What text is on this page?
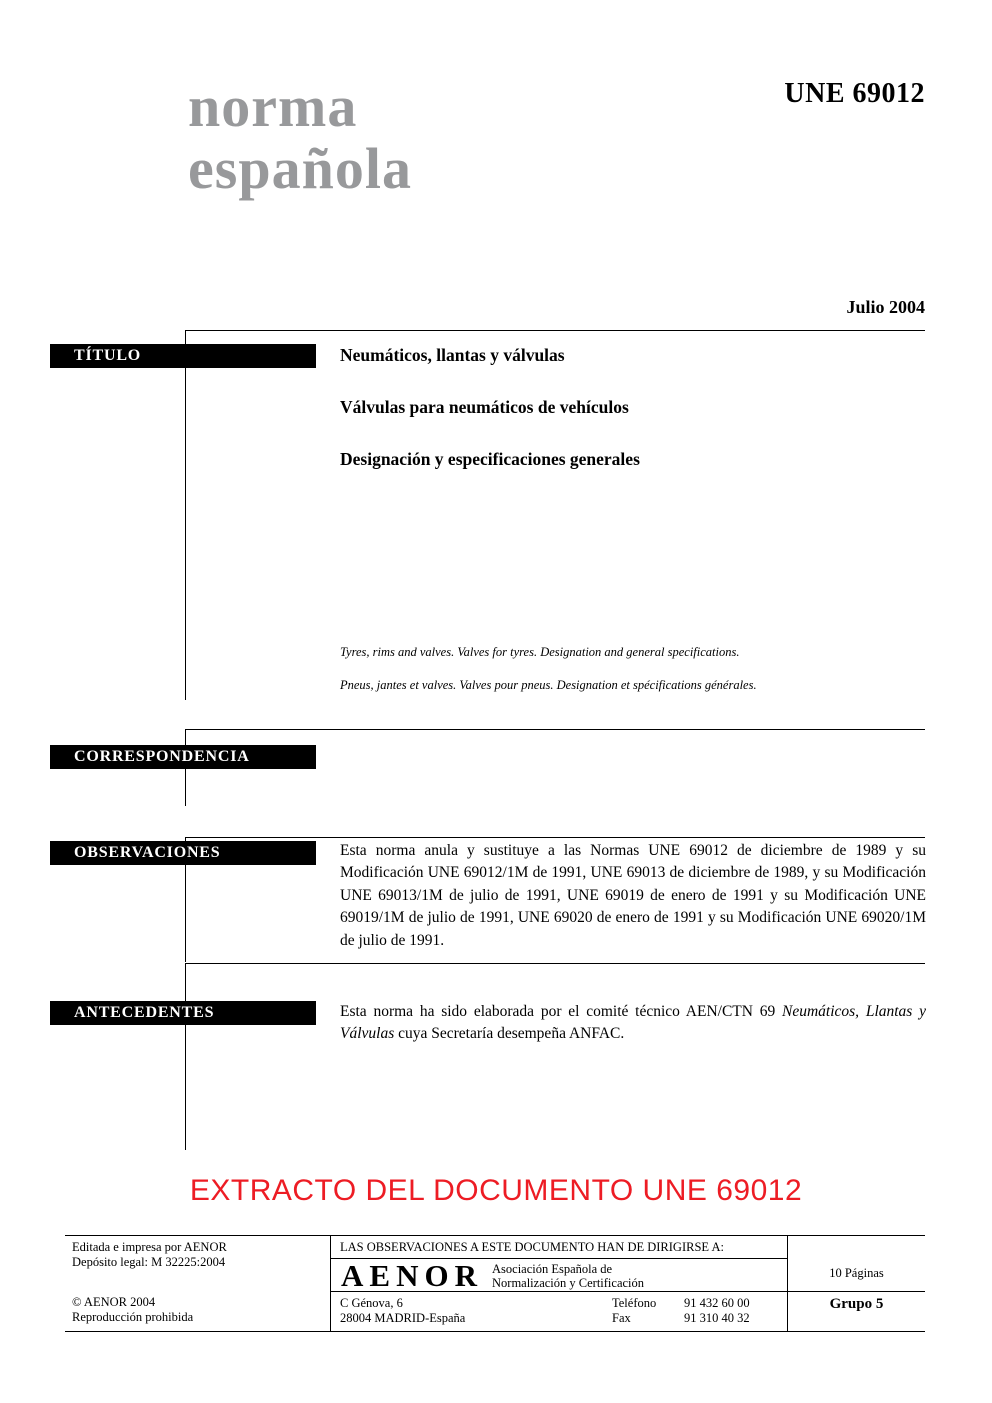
UNE 69012
norma
española
Julio 2004
TÍTULO	Neumáticos, llantas y válvulas
Válvulas para neumáticos de vehículos
Designación y especificaciones generales
Tyres, rims and valves. Valves for tyres. Designation and general specifications.
Pneus, jantes et valves. Valves pour pneus. Designation et spécifications générales.
CORRESPONDENCIA
OBSERVACIONES	Esta norma anula y sustituye a las Normas UNE 69012 de diciembre de 1989 y su Modificación UNE 69012/1M de 1991, UNE 69013 de diciembre de 1989, y su Modificación UNE 69013/1M de julio de 1991, UNE 69019 de enero de 1991 y su Modificación UNE 69019/1M de julio de 1991, UNE 69020 de enero de 1991 y su Modificación UNE 69020/1M de julio de 1991.

ANTECEDENTES	Esta norma ha sido elaborada por el comité técnico AEN/CTN 69 Neumáticos, Llantas y Válvulas cuya Secretaría desempeña ANFAC.

EXTRACTO DEL DOCUMENTO UNE 69012
Editada e impresa por AENOR
Depósito legal: M 32225:2004
© AENOR 2004
Reproducción prohibida
LAS OBSERVACIONES A ESTE DOCUMENTO HAN DE DIRIGIRSE A:
AENOR Asociación Española de
Normalización y Certificación
C Génova, 6
28004 MADRID-España
Teléfono 91 432 60 00
Fax	91 310 40 32
10 Páginas
Grupo 5
